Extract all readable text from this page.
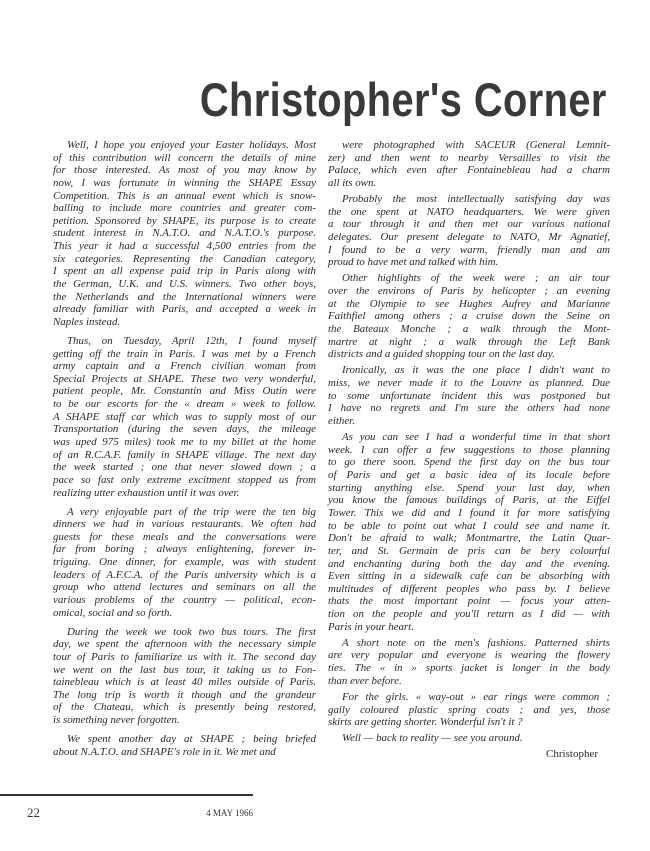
Christopher's Corner
Well, I hope you enjoyed your Easter holidays. Most
of this contribution will concern the details of mine
for those interested. As most of you may know by
now, I was fortunate in winning the SHAPE Essay
Competition. This is an annual event which is snow-
balling to include more countries and greater com-
petition. Sponsored by SHAPE, its purpose is to create
student interest in N.A.T.O. and N.A.T.O.'s purpose.
This year it had a successful 4,500 entries from the
six categories. Representing the Canadian category,
I spent an all expense paid trip in Paris along with
the German, U.K. and U.S. winners. Two other boys,
the Netherlands and the International winners were
already familiar with Paris, and accepted a week in
Naples instead.
Thus, on Tuesday, April 12th, I found myself
getting off the train in Paris. I was met by a French
army captain and a French civilian woman from
Special Projects at SHAPE. These two very wonderful,
patient people, Mr. Constantin and Miss Outin were
to be our escorts for the « dream » week to follow.
A SHAPE staff car which was to supply most of our
Transportation (during the seven days, the mileage
was uped 975 miles) took me to my billet at the home
of an R.C.A.F. family in SHAPE village. The next day
the week started ; one that never slowed down ; a
pace so fast only extreme excitment stopped us from
realizing utter exhaustion until it was over.
A very enjoyable part of the trip were the ten big
dinners we had in various restaurants. We often had
guests for these meals and the conversations were
far from boring ; always enlightening, forever in-
triguing. One dinner, for example, was with student
leaders of A.F.C.A. of the Paris university which is a
group who attend lectures and seminars on all the
various problems of the country — political, econ-
omical, social and so forth.
During the week we took two bus tours. The first
day, we spent the afternoon with the necessary simple
tour of Paris to familiarize us with it. The second day
we went on the last bus tour, it taking us to Fon-
tainebleau which is at least 40 miles outside of Paris.
The long trip is worth it though and the grandeur
of the Chateau, which is presently being restored,
is something never forgotten.
We spent another day at SHAPE ; being briefed
about N.A.T.O. and SHAPE's role in it. We met and
were photographed with SACEUR (General Lemnit-
zer) and then went to nearby Versailles to visit the
Palace, which even after Fontainebleau had a charm
all its own.
Probably the most intellectually satisfying day was
the one spent at NATO headquarters. We were given
a tour through it and then met our various national
delegates. Our present delegate to NATO, Mr Agnatief,
I found to be a very warm, friendly man and am
proud to have met and talked with him.
Other highlights of the week were ; an air tour
over the environs of Paris by helicopter ; an evening
at the Olympie to see Hughes Aufrey and Marianne
Faithfiel among others ; a cruise down the Seine on
the Bateaux Monche ; a walk through the Mont-
martre at night ; a walk through the Left Bank
districts and a guided shopping tour on the last day.
Ironically, as it was the one place I didn't want to
miss, we never made it to the Louvre as planned. Due
to some unfortunate incident this was postponed but
I have no regrets and I'm sure the others had none
either.
As you can see I had a wonderful time in that short
week. I can offer a few suggestions to those planning
to go there soon. Spend the first day on the bus tour
of Paris and get a basic idea of its locale before
starting anything else. Spend your last day, when
you know the famous buildings of Paris, at the Eiffel
Tower. This we did and I found it far more satisfying
to be able to point out what I could see and name it.
Don't be afraid to walk; Montmartre, the Latin Quar-
ter, and St. Germain de pris can be bery colourful
and enchanting during both the day and the evening.
Even sitting in a sidewalk cafe can be absorbing with
multitudes of different peoples who pass by. I believe
thats the most important point — focus your atten-
tion on the people and you'll return as I did — with
Paris in your heart.
A short note on the men's fashions. Patterned shirts
are very popular and everyone is wearing the flowery
ties. The « in » sports jacket is longer in the body
than ever before.
For the girls. « way-out » ear rings were common ;
gaily coloured plastic spring coats ; and yes, those
skirts are getting shorter. Wonderful isn't it ?
Well — back to reality — see you around.
Christopher
22	4 MAY 1966
